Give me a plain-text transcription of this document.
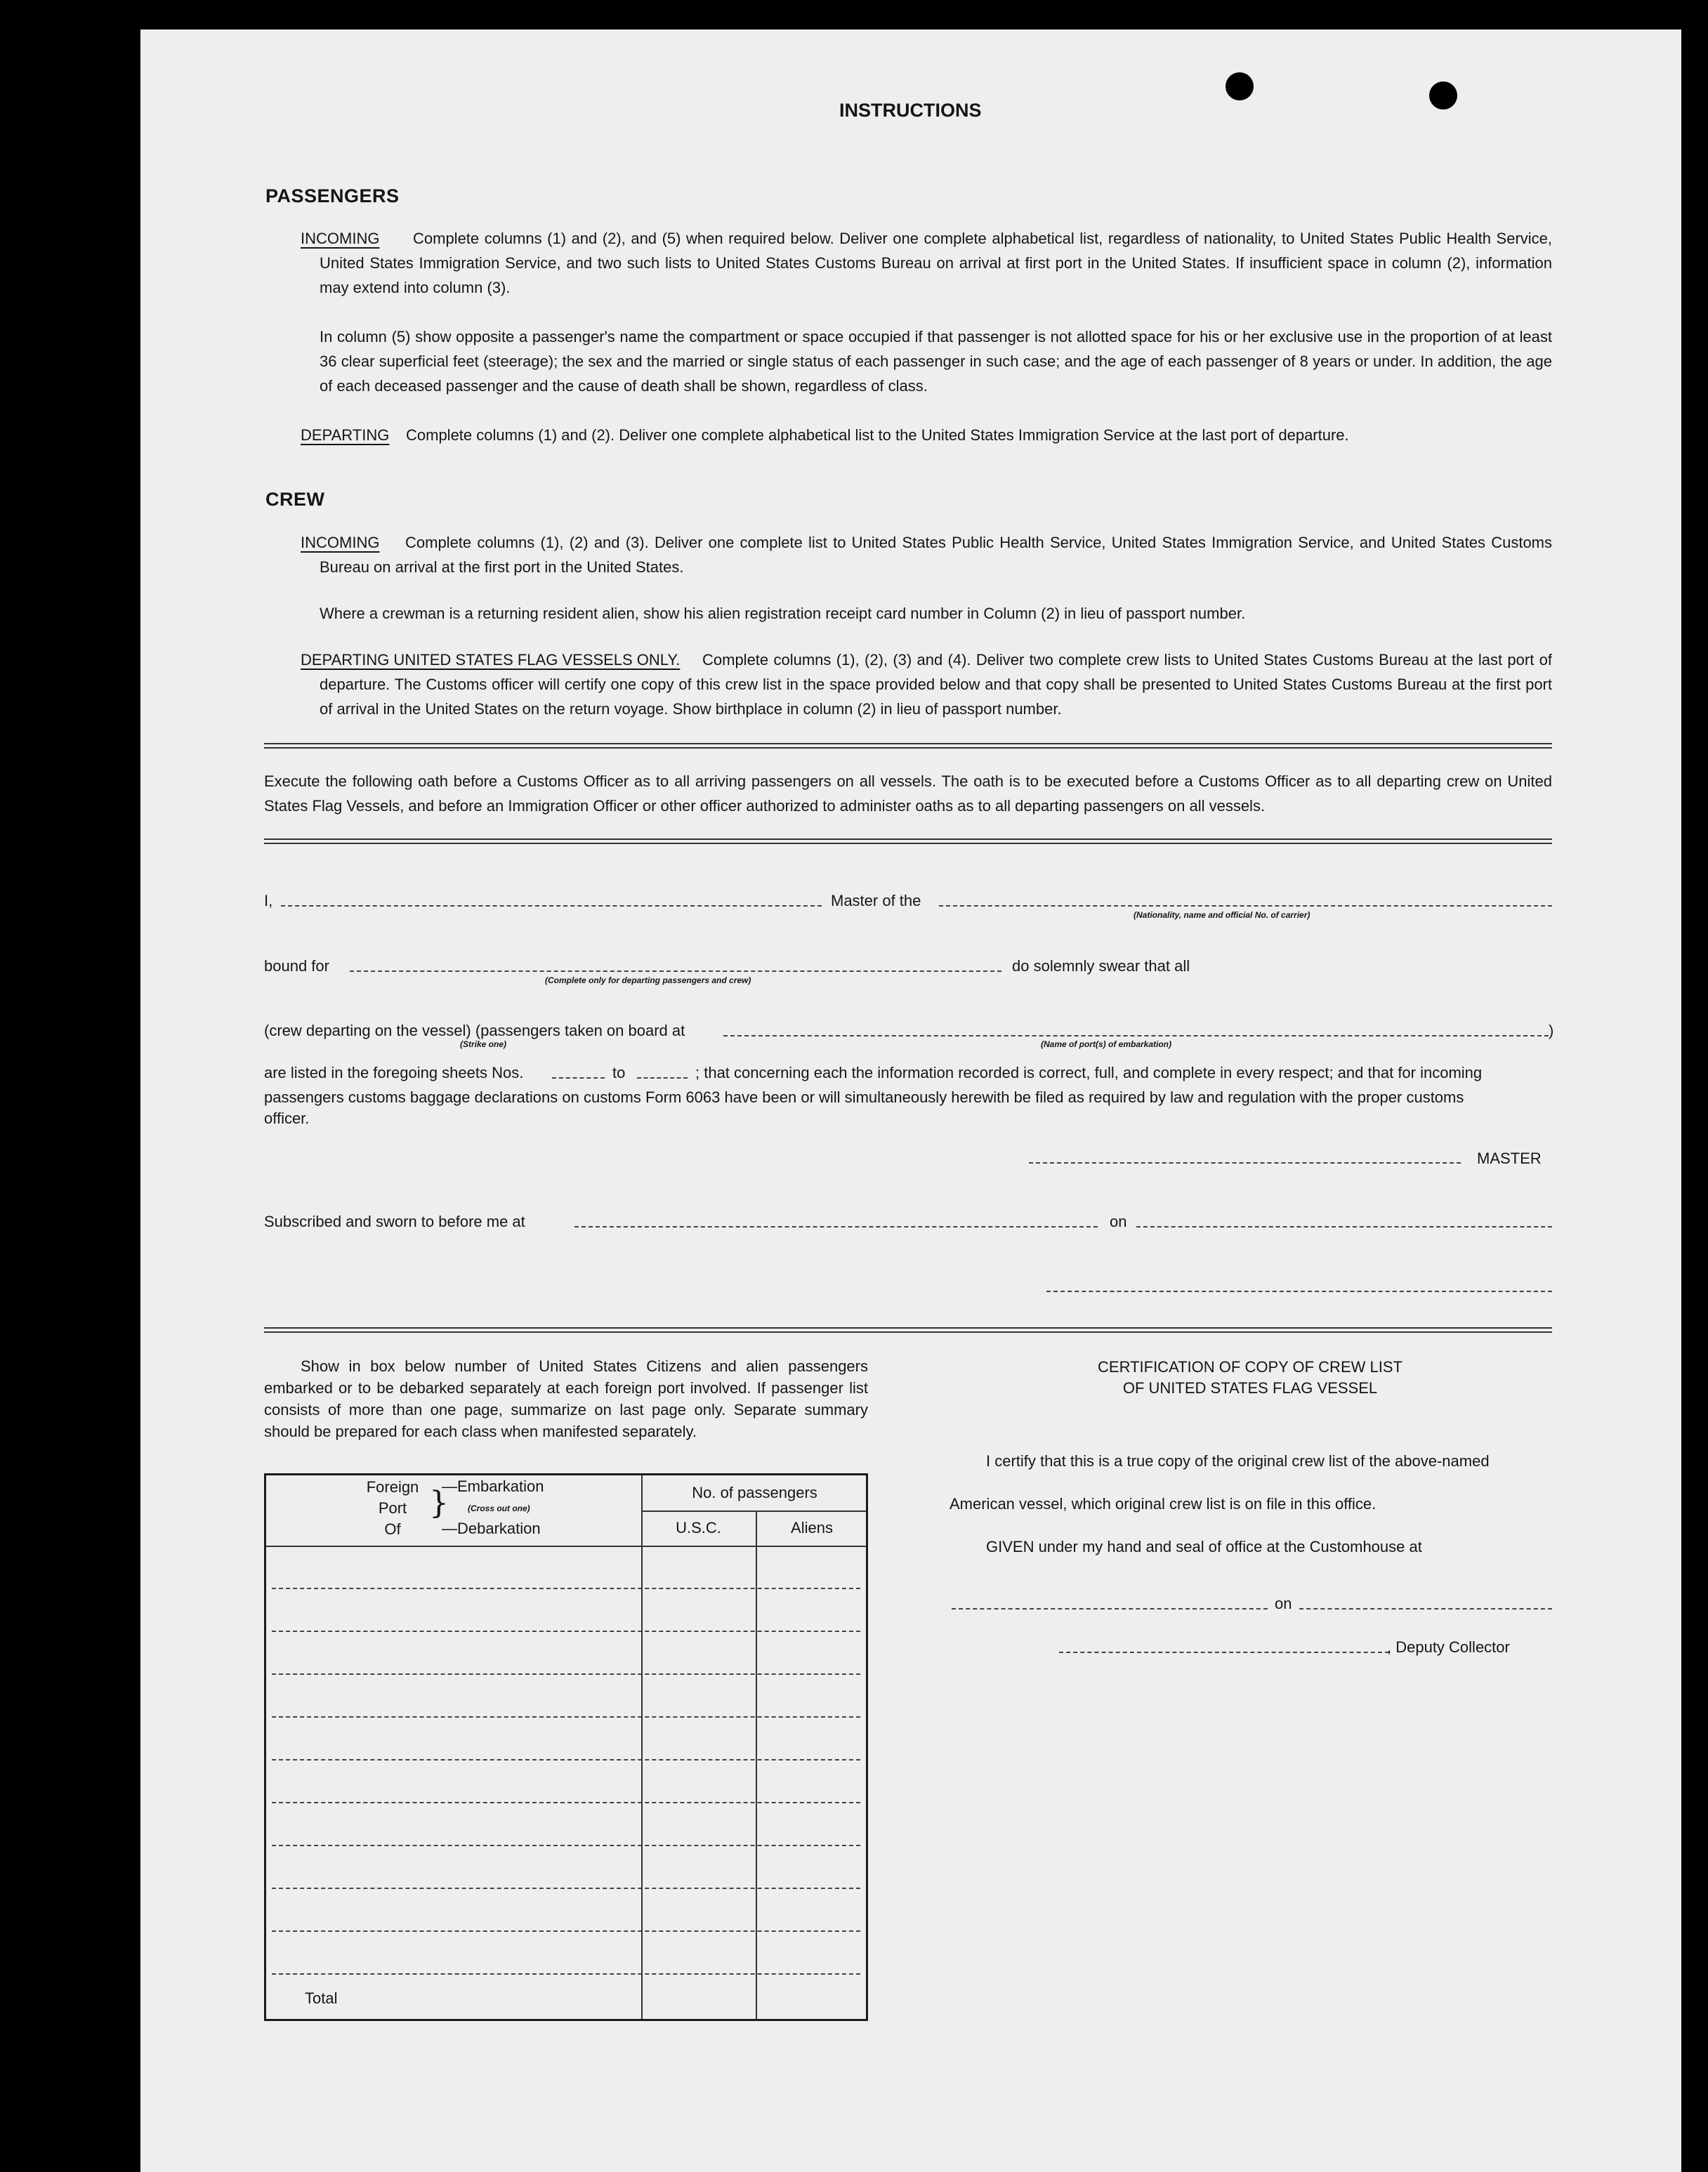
INSTRUCTIONS
PASSENGERS
INCOMING	Complete columns (1) and (2), and (5) when required below. Deliver one complete alphabetical list, regardless of nationality, to United States Public Health Service, United States Immigration Service, and two such lists to United States Customs Bureau on arrival at first port in the United States. If insufficient space in column (2), information may extend into column (3).
In column (5) show opposite a passenger's name the compartment or space occupied if that passenger is not allotted space for his or her exclusive use in the proportion of at least 36 clear superficial feet (steerage); the sex and the married or single status of each passenger in such case; and the age of each passenger of 8 years or under. In addition, the age of each deceased passenger and the cause of death shall be shown, regardless of class.
DEPARTING Complete columns (1) and (2). Deliver one complete alphabetical list to the United States Immigration Service at the last port of departure.
CREW
INCOMING	Complete columns (1), (2) and (3). Deliver one complete list to United States Public Health Service, United States Immigration Service, and United States Customs Bureau on arrival at the first port in the United States.
Where a crewman is a returning resident alien, show his alien registration receipt card number in Column (2) in lieu of passport number.
DEPARTING UNITED STATES FLAG VESSELS ONLY.	Complete columns (1), (2), (3) and (4). Deliver two complete crew lists to United States Customs Bureau at the last port of departure. The Customs officer will certify one copy of this crew list in the space provided below and that copy shall be presented to United States Customs Bureau at the first port of arrival in the United States on the return voyage. Show birthplace in column (2) in lieu of passport number.
Execute the following oath before a Customs Officer as to all arriving passengers on all vessels. The oath is to be executed before a Customs Officer as to all departing crew on United States Flag Vessels, and before an Immigration Officer or other officer authorized to administer oaths as to all departing passengers on all vessels.
I,	Master of the
(Nationality, name and official No. of carrier)
bound for
(Complete only for departing passengers and crew)
do solemnly swear that all
(crew departing on the vessel) (passengers taken on board at	)
(Strike one)	(Name of port(s) of embarkation)
are listed in the foregoing sheets Nos.	to	; that concerning each the information recorded is correct, full, and complete in every respect; and that for incoming
passengers customs baggage declarations on customs Form 6063 have been or will simultaneously herewith be filed as required by law and regulation with the proper customs
officer.
MASTER
Subscribed and sworn to before me at	on
Show in box below number of United States Citizens and alien passengers embarked or to be debarked separately at each foreign port involved. If passenger list consists of more than one page, summarize on last page only. Separate summary should be prepared for each class when manifested separately.
Foreign
Port
Of
}
—Embarkation
(Cross out one)
—Debarkation
No. of passengers
U.S.C.	Aliens
Total
CERTIFICATION OF COPY OF CREW LIST
OF UNITED STATES FLAG VESSEL
I certify that this is a true copy of the original crew list of the above-named
American vessel, which original crew list is on file in this office.
GIVEN under my hand and seal of office at the Customhouse at
on
, Deputy Collector
